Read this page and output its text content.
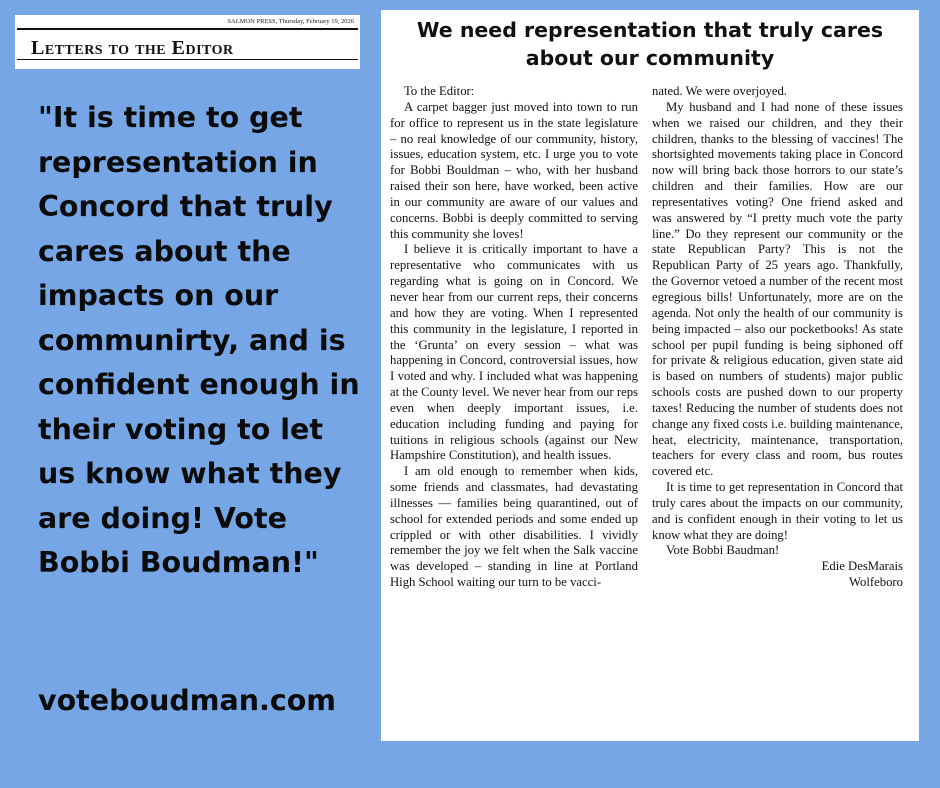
SALMON PRESS, Thursday, February 19, 2026
Letters to the Editor

"It is time to get representation in Concord that truly cares about the impacts on our communirty, and is confident enough in their voting to let us know what they are doing! Vote Bobbi Boudman!"

voteboudman.com
We need representation that truly cares about our community

To the Editor:

A carpet bagger just moved into town to run for office to represent us in the state legislature – no real knowledge of our community, history, issues, education system, etc. I urge you to vote for Bobbi Bouldman – who, with her husband raised their son here, have worked, been active in our community are aware of our values and concerns. Bobbi is deeply committed to serving this community she loves!

I believe it is critically important to have a representative who communicates with us regarding what is going on in Concord. We never hear from our current reps, their concerns and how they are voting. When I represented this community in the legislature, I reported in the ‘Grunta’ on every session – what was happening in Concord, controversial issues, how I voted and why. I included what was happening at the County level. We never hear from our reps even when deeply important issues, i.e. education including funding and paying for tuitions in religious schools (against our New Hampshire Constitution), and health issues.

I am old enough to remember when kids, some friends and classmates, had devastating illnesses — families being quarantined, out of school for extended periods and some ended up crippled or with other disabilities. I vividly remember the joy we felt when the Salk vaccine was developed – standing in line at Portland High School waiting our turn to be vacci-

nated. We were overjoyed.

My husband and I had none of these issues when we raised our children, and they their children, thanks to the blessing of vaccines! The shortsighted movements taking place in Concord now will bring back those horrors to our state’s children and their families. How are our representatives voting? One friend asked and was answered by “I pretty much vote the party line.” Do they represent our community or the state Republican Party? This is not the Republican Party of 25 years ago. Thankfully, the Governor vetoed a number of the recent most egregious bills! Unfortunately, more are on the agenda. Not only the health of our community is being impacted – also our pocketbooks! As state school per pupil funding is being siphoned off for private & religious education, given state aid is based on numbers of students) major public schools costs are pushed down to our property taxes! Reducing the number of students does not change any fixed costs i.e. building maintenance, heat, electricity, maintenance, transportation, teachers for every class and room, bus routes covered etc.

It is time to get representation in Concord that truly cares about the impacts on our community, and is confident enough in their voting to let us know what they are doing!

Vote Bobbi Baudman!

Edie DesMarais

Wolfeboro
